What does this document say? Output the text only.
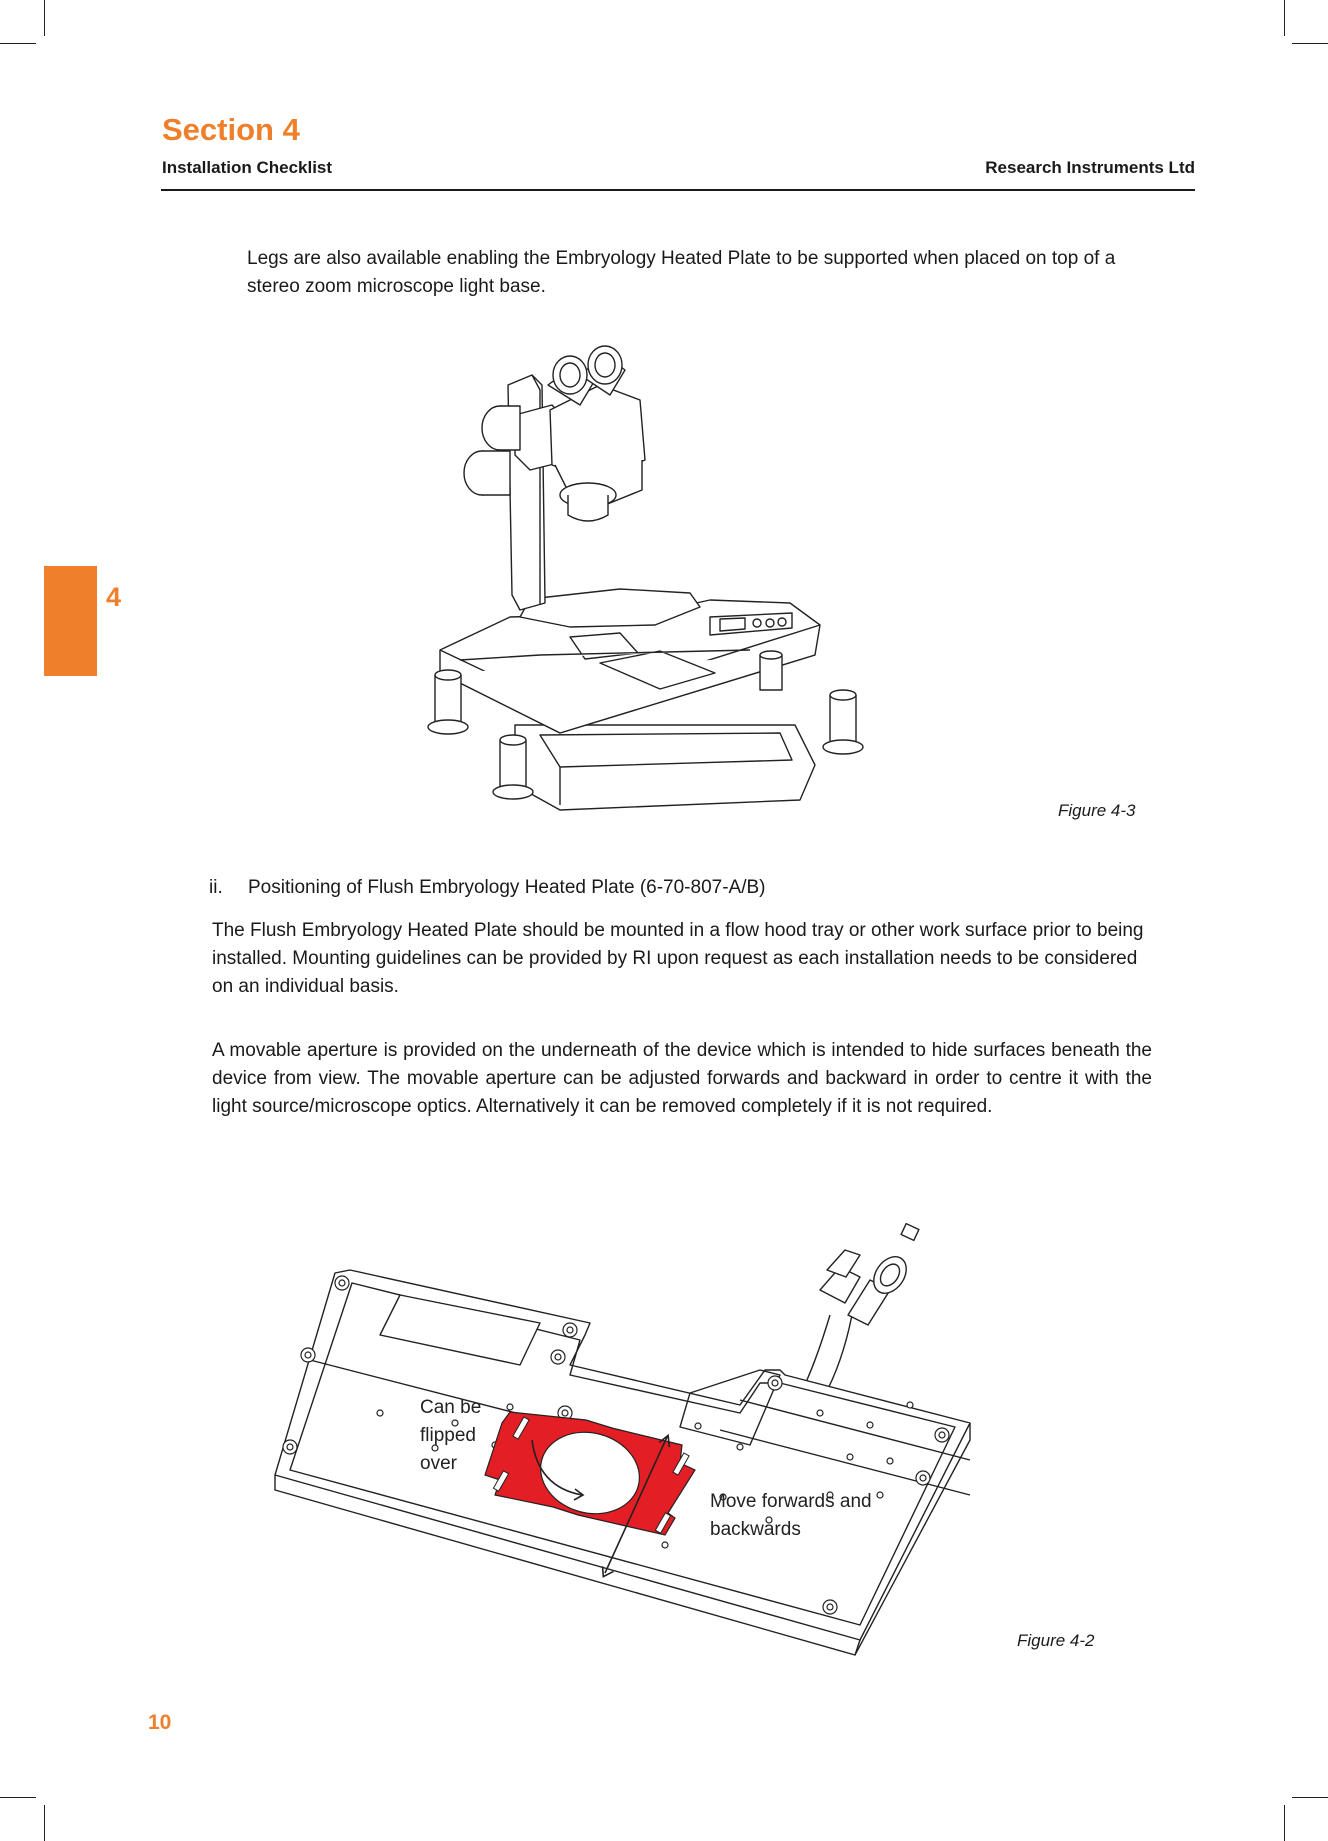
Section 4
Installation Checklist	Research Instruments Ltd
4
Legs are also available enabling the Embryology Heated Plate to be supported when placed on top of a stereo zoom microscope light base.
Figure 4-3
ii. Positioning of Flush Embryology Heated Plate (6-70-807-A/B)
The Flush Embryology Heated Plate should be mounted in a flow hood tray or other work surface prior to being installed. Mounting guidelines can be provided by RI upon request as each installation needs to be considered on an individual basis.
A movable aperture is provided on the underneath of the device which is intended to hide surfaces beneath the device from view. The movable aperture can be adjusted forwards and backward in order to centre it with the light source/microscope optics. Alternatively it can be removed completely if it is not required.
Can be
flipped
over
Move forwards and
backwards
Figure 4-2
10
